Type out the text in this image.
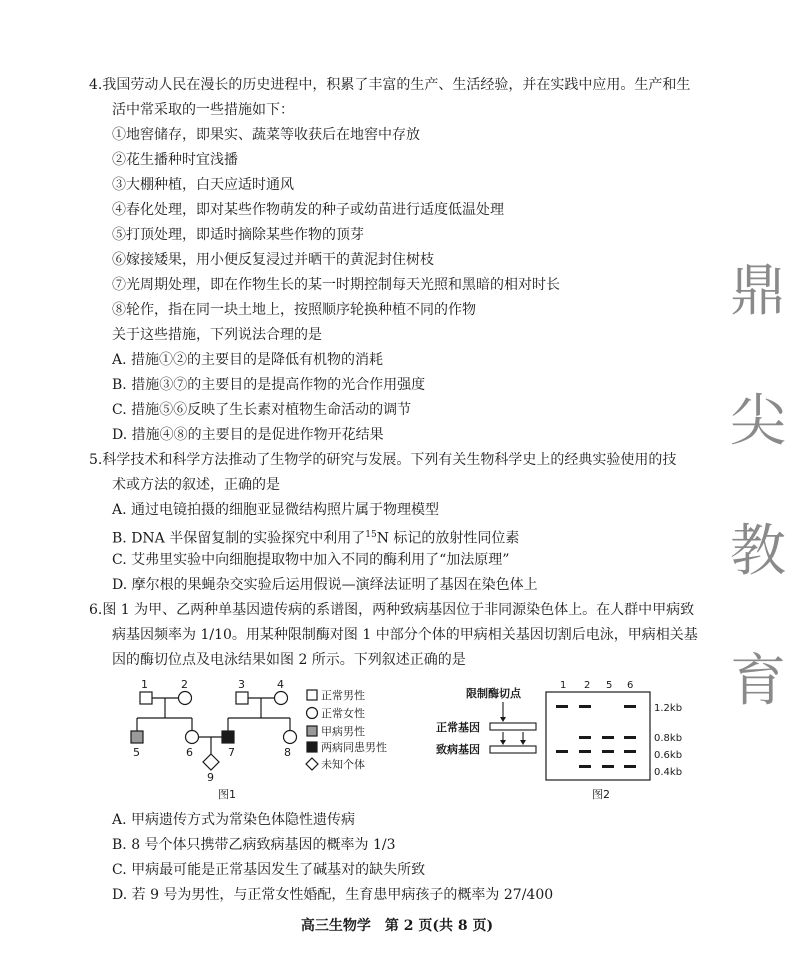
4.我国劳动人民在漫长的历史进程中，积累了丰富的生产、生活经验，并在实践中应用。生产和生
活中常采取的一些措施如下：
①地窖储存，即果实、蔬菜等收获后在地窖中存放
②花生播种时宜浅播
③大棚种植，白天应适时通风
④春化处理，即对某些作物萌发的种子或幼苗进行适度低温处理
⑤打顶处理，即适时摘除某些作物的顶芽
⑥嫁接矮果，用小便反复浸过并晒干的黄泥封住树枝
⑦光周期处理，即在作物生长的某一时期控制每天光照和黑暗的相对时长
⑧轮作，指在同一块土地上，按照顺序轮换种植不同的作物
关于这些措施，下列说法合理的是
A. 措施①②的主要目的是降低有机物的消耗
B. 措施③⑦的主要目的是提高作物的光合作用强度
C. 措施⑤⑥反映了生长素对植物生命活动的调节
D. 措施④⑧的主要目的是促进作物开花结果
5.科学技术和科学方法推动了生物学的研究与发展。下列有关生物科学史上的经典实验使用的技
术或方法的叙述，正确的是
A. 通过电镜拍摄的细胞亚显微结构照片属于物理模型
B. DNA 半保留复制的实验探究中利用了$^{15}$N 标记的放射性同位素
C. 艾弗里实验中向细胞提取物中加入不同的酶利用了“加法原理”
D. 摩尔根的果蝇杂交实验后运用假说—演绎法证明了基因在染色体上
6.图 1 为甲、乙两种单基因遗传病的系谱图，两种致病基因位于非同源染色体上。在人群中甲病致
病基因频率为 1/10。用某种限制酶对图 1 中部分个体的甲病相关基因切割后电泳，甲病相关基
因的酶切位点及电泳结果如图 2 所示。下列叙述正确的是
1	2	3	4
5	6	7	8
9
图1
正常男性
正常女性
甲病男性
两病同患男性
未知个体
限制酶切点
正常基因
致病基因
1 2 5 6
1.2kb
0.8kb
0.6kb
0.4kb
图2
A. 甲病遗传方式为常染色体隐性遗传病
B. 8 号个体只携带乙病致病基因的概率为 1/3
C. 甲病最可能是正常基因发生了碱基对的缺失所致
D. 若 9 号为男性，与正常女性婚配，生育患甲病孩子的概率为 27/400
鼎
尖
教
育
高三生物学　第 2 页(共 8 页)
